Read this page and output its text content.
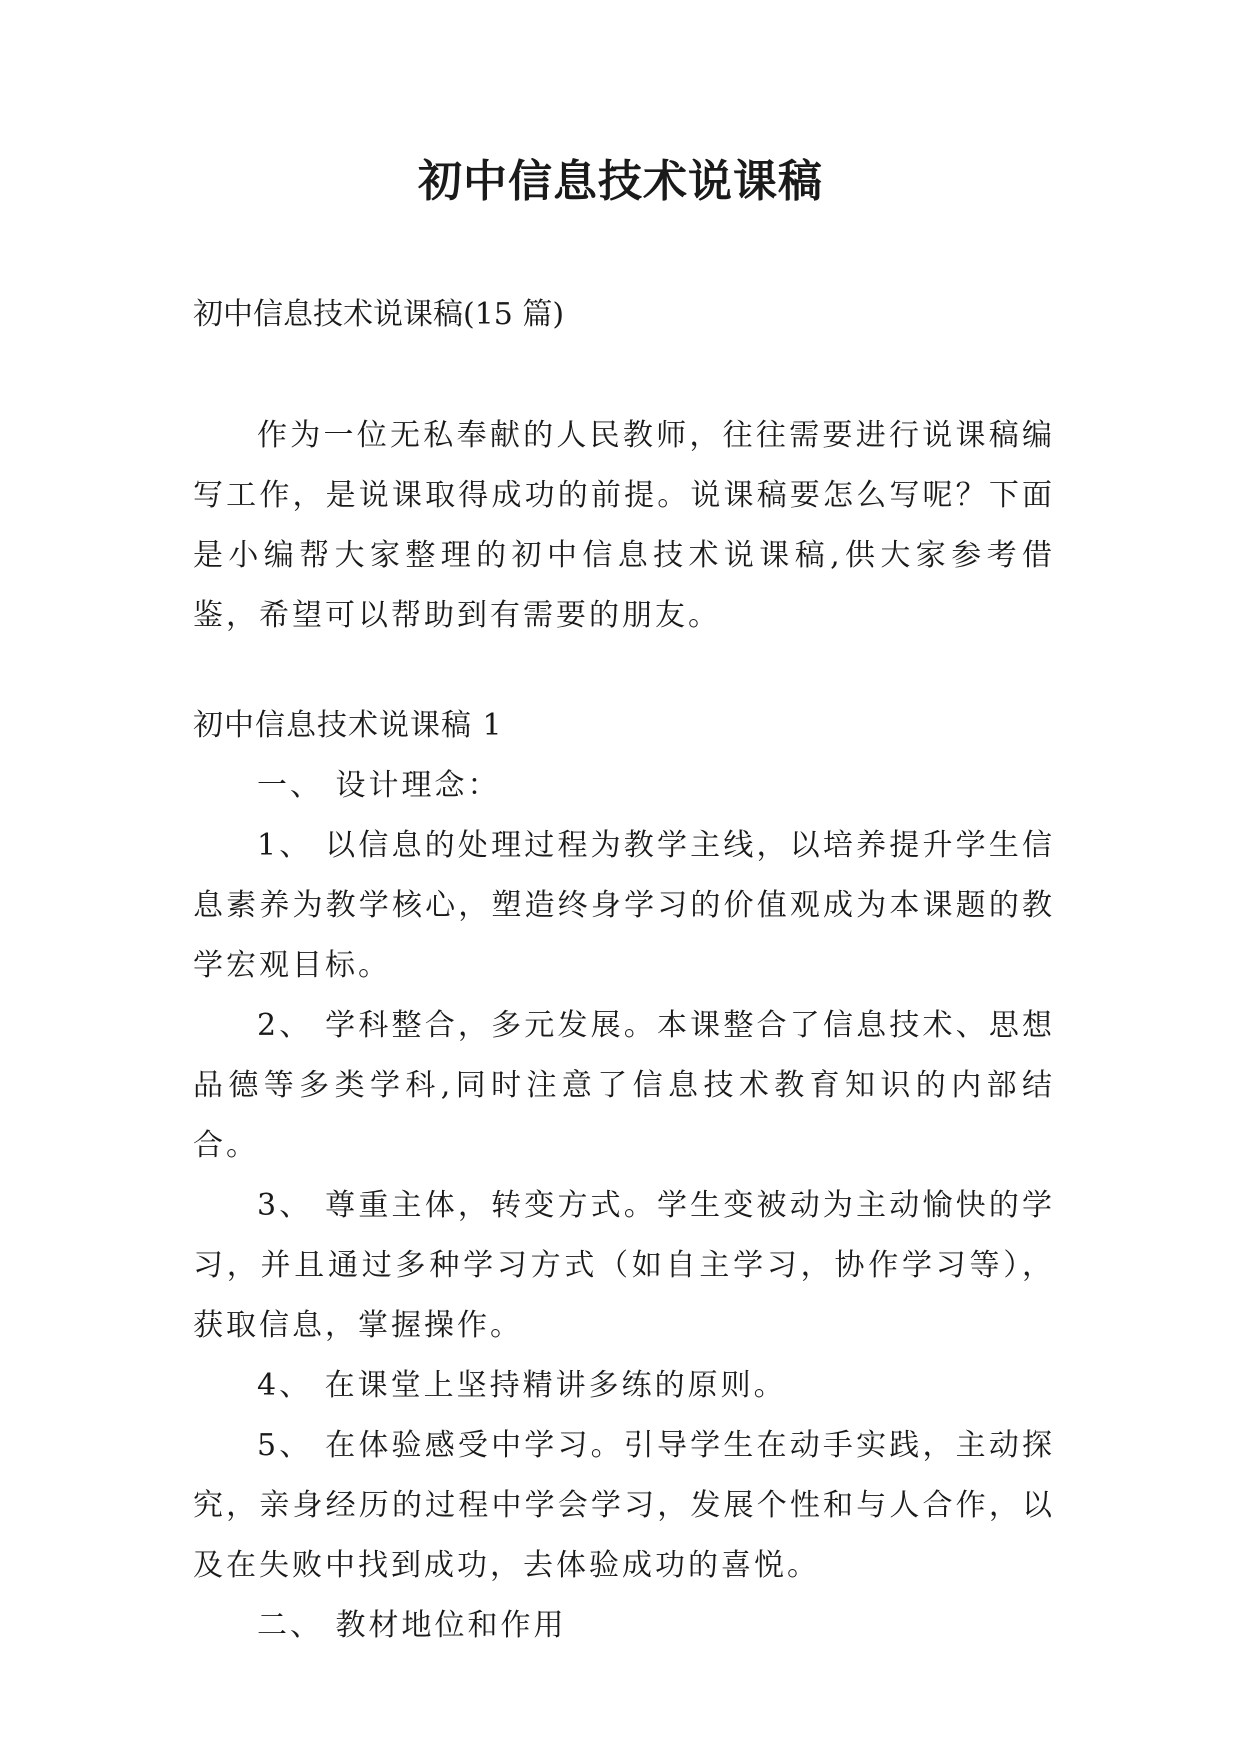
初中信息技术说课稿
初中信息技术说课稿(15 篇)

作为一位无私奉献的人民教师，往往需要进行说课稿编写工作，是说课取得成功的前提。说课稿要怎么写呢？下面是小编帮大家整理的初中信息技术说课稿,供大家参考借鉴，希望可以帮助到有需要的朋友。

初中信息技术说课稿 1

一、 设计理念：

1、 以信息的处理过程为教学主线，以培养提升学生信息素养为教学核心，塑造终身学习的价值观成为本课题的教学宏观目标。

2、 学科整合，多元发展。本课整合了信息技术、思想品德等多类学科,同时注意了信息技术教育知识的内部结合。

3、 尊重主体，转变方式。学生变被动为主动愉快的学习，并且通过多种学习方式（如自主学习，协作学习等），获取信息，掌握操作。

4、 在课堂上坚持精讲多练的原则。

5、 在体验感受中学习。引导学生在动手实践，主动探究，亲身经历的过程中学会学习，发展个性和与人合作，以及在失败中找到成功，去体验成功的喜悦。

二、 教材地位和作用
